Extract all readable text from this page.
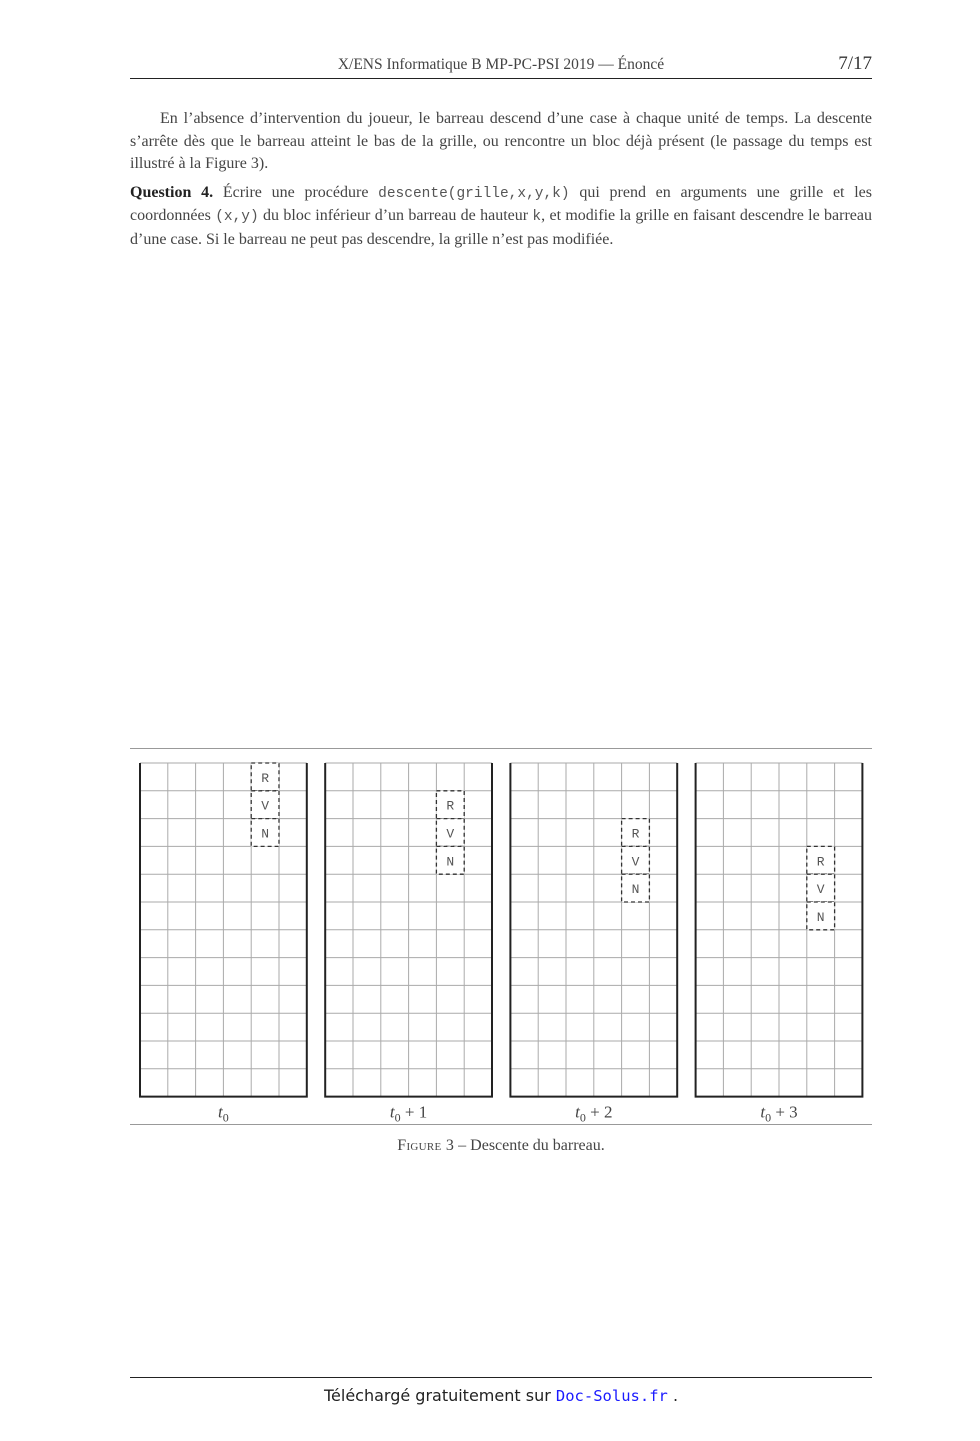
X/ENS Informatique B MP-PC-PSI 2019 — Énoncé	7/17

En l’absence d’intervention du joueur, le barreau descend d’une case à chaque unité de temps. La descente s’arrête dès que le barreau atteint le bas de la grille, ou rencontre un bloc déjà présent (le passage du temps est illustré à la Figure 3).

Question 4. Écrire une procédure descente(grille,x,y,k) qui prend en arguments une grille et les coordonnées (x,y) du bloc inférieur d’un barreau de hauteur k, et modifie la grille en faisant descendre le barreau d’une case. Si le barreau ne peut pas descendre, la grille n’est pas modifiée.

R
V
N
$t_0$
R
V
N
$t_0 + 1$
R
V
N
$t_0 + 2$
R
V
N
$t_0 + 3$
Figure 3 – Descente du barreau.
Téléchargé gratuitement sur Doc-Solus.fr .
